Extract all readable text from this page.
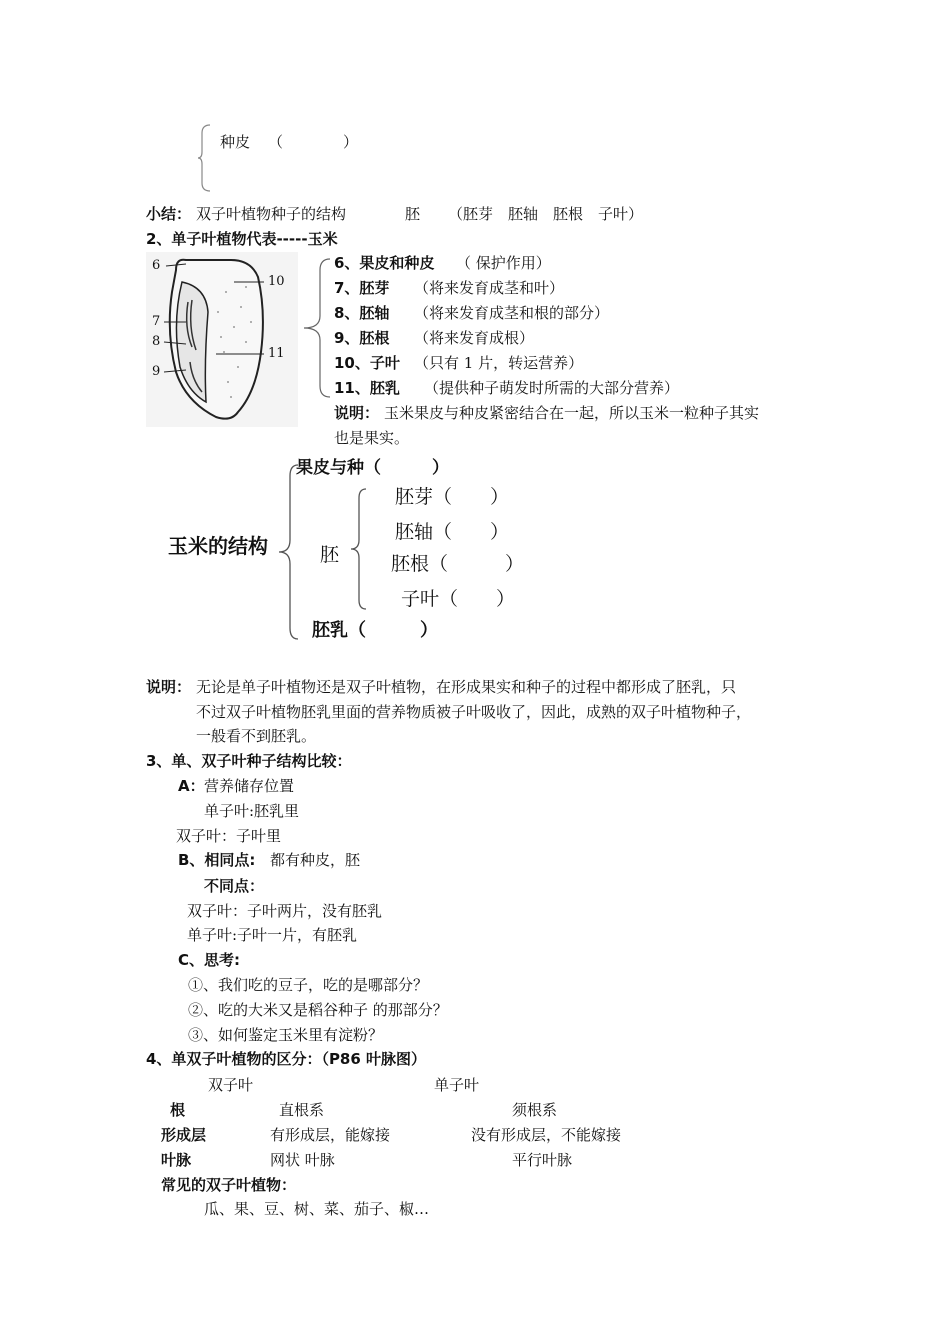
种皮 （　　　　）
小结： 双子叶植物种子的结构	胚 （胚芽　胚轴　胚根　子叶）
2、单子叶植物代表-----玉米
6
10
7
8
9
11
6、果皮和种皮 （ 保护作用）
7、胚芽 （将来发育成茎和叶）
8、胚轴 （将来发育成茎和根的部分）
9、胚根 （将来发育成根）
10、子叶 （只有 1 片，转运营养）
11、胚乳 （提供种子萌发时所需的大部分营养）
说明： 玉米果皮与种皮紧密结合在一起，所以玉米一粒种子其实
也是果实。
玉米的结构
果皮与种（　　　）
胚
胚芽（　　）
胚轴（　　）
胚根（　　　）
子叶（　　）
胚乳（　　　）
说明： 无论是单子叶植物还是双子叶植物，在形成果实和种子的过程中都形成了胚乳，只
不过双子叶植物胚乳里面的营养物质被子叶吸收了，因此，成熟的双子叶植物种子，
一般看不到胚乳。
3、单、双子叶种子结构比较：
A： 营养储存位置
单子叶:胚乳里
双子叶：子叶里
B、相同点: 都有种皮，胚
不同点：
双子叶：子叶两片，没有胚乳
单子叶:子叶一片，有胚乳
C、思考:
①、我们吃的豆子，吃的是哪部分？
②、吃的大米又是稻谷种子 的那部分？
③、如何鉴定玉米里有淀粉？
4、单双子叶植物的区分：（P86 叶脉图）
双子叶	单子叶
根	直根系	须根系
形成层	有形成层，能嫁接	没有形成层，不能嫁接
叶脉	网状 叶脉	平行叶脉
常见的双子叶植物：
瓜、果、豆、树、菜、茄子、椒…
